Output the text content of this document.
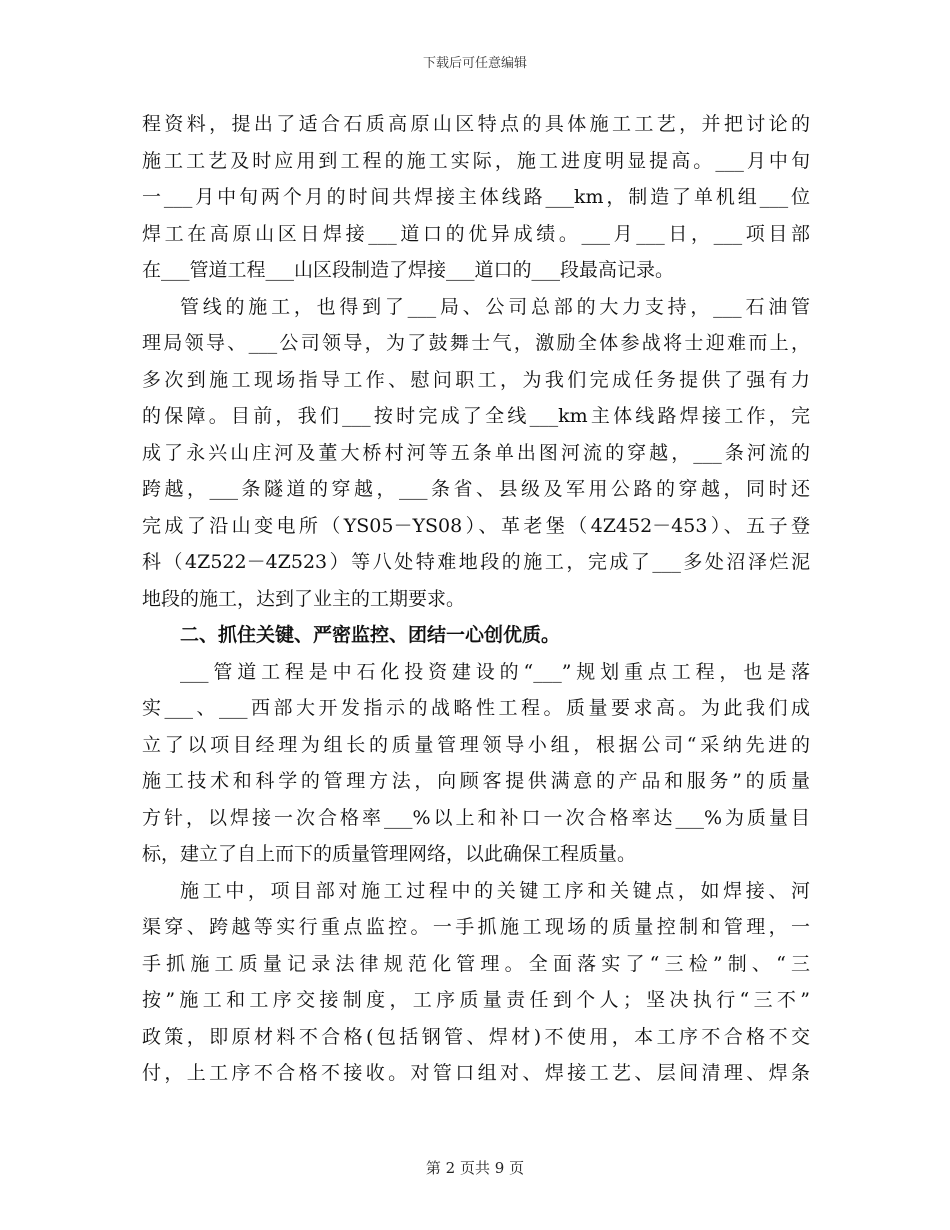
下载后可任意编辑
程资料，提出了适合石质高原山区特点的具体施工工艺，并把讨论的
施工工艺及时应用到工程的施工实际，施工进度明显提高。___月中旬
一___月中旬两个月的时间共焊接主体线路___km，制造了单机组___位
焊工在高原山区日焊接___道口的优异成绩。___月___日，___项目部
在___管道工程___山区段制造了焊接___道口的___段最高记录。
管线的施工，也得到了___局、公司总部的大力支持，___石油管
理局领导、___公司领导，为了鼓舞士气，激励全体参战将士迎难而上，
多次到施工现场指导工作、慰问职工，为我们完成任务提供了强有力
的保障。目前，我们___按时完成了全线___km主体线路焊接工作，完
成了永兴山庄河及董大桥村河等五条单出图河流的穿越，___条河流的
跨越，___条隧道的穿越，___条省、县级及军用公路的穿越，同时还
完成了沿山变电所（YS05－YS08）、革老堡（4Z452－453）、五子登
科（4Z522－4Z523）等八处特难地段的施工，完成了___多处沼泽烂泥
地段的施工，达到了业主的工期要求。
二、抓住关键、严密监控、团结一心创优质。
___管道工程是中石化投资建设的“___”规划重点工程，也是落
实___、___西部大开发指示的战略性工程。质量要求高。为此我们成
立了以项目经理为组长的质量管理领导小组，根据公司“采纳先进的
施工技术和科学的管理方法，向顾客提供满意的产品和服务”的质量
方针，以焊接一次合格率___%以上和补口一次合格率达___%为质量目
标，建立了自上而下的质量管理网络，以此确保工程质量。
施工中，项目部对施工过程中的关键工序和关键点，如焊接、河
渠穿、跨越等实行重点监控。一手抓施工现场的质量控制和管理，一
手抓施工质量记录法律规范化管理。全面落实了“三检”制、“三
按”施工和工序交接制度，工序质量责任到个人；坚决执行“三不”
政策，即原材料不合格(包括钢管、焊材)不使用，本工序不合格不交
付，上工序不合格不接收。对管口组对、焊接工艺、层间清理、焊条
第 2 页共 9 页
